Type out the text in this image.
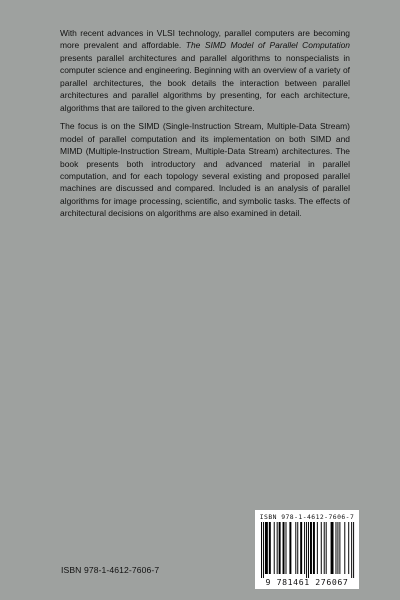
With recent advances in VLSI technology, parallel computers are becoming more prevalent and affordable. The SIMD Model of Parallel Computation presents parallel architectures and parallel algorithms to nonspecialists in computer science and engineering. Beginning with an overview of a variety of parallel architectures, the book details the interaction between parallel architectures and parallel algorithms by presenting, for each architecture, algorithms that are tailored to the given architecture.

The focus is on the SIMD (Single-Instruction Stream, Multiple-Data Stream) model of parallel computation and its implementation on both SIMD and MIMD (Multiple-Instruction Stream, Multiple-Data Stream) architectures. The book presents both introductory and advanced material in parallel computation, and for each topology several existing and proposed parallel machines are discussed and compared. Included is an analysis of parallel algorithms for image processing, scientific, and symbolic tasks. The effects of architectural decisions on algorithms are also examined in detail.

ISBN 978-1-4612-7606-7
ISBN 978-1-4612-7606-7
9 781461 276067
